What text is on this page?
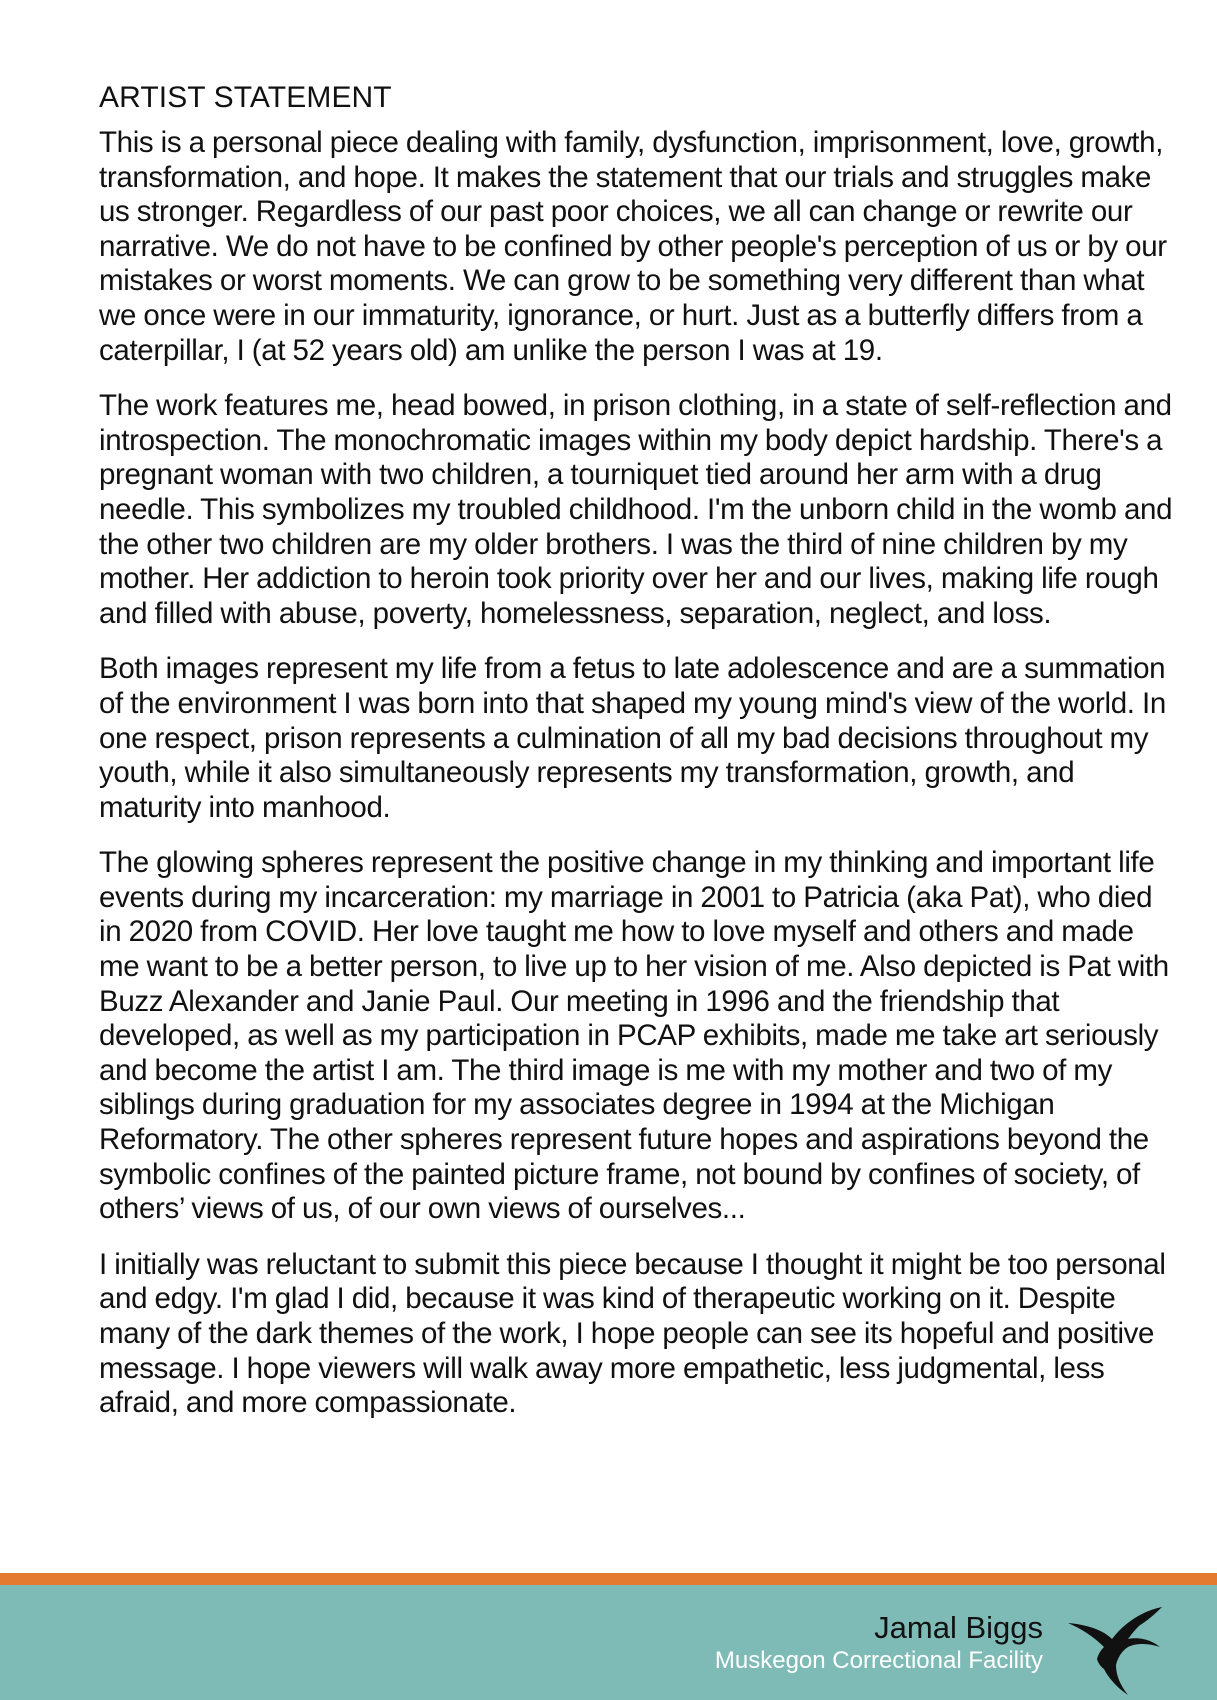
ARTIST STATEMENT

This is a personal piece dealing with family, dysfunction, imprisonment, love, growth, transformation, and hope. It makes the statement that our trials and struggles make us stronger. Regardless of our past poor choices, we all can change or rewrite our narrative. We do not have to be confined by other people's perception of us or by our mistakes or worst moments. We can grow to be something very different than what we once were in our immaturity, ignorance, or hurt. Just as a butterfly differs from a caterpillar, I (at 52 years old) am unlike the person I was at 19.

The work features me, head bowed, in prison clothing, in a state of self-reflection and introspection. The monochromatic images within my body depict hardship. There's a pregnant woman with two children, a tourniquet tied around her arm with a drug needle. This symbolizes my troubled childhood. I'm the unborn child in the womb and the other two children are my older brothers. I was the third of nine children by my mother. Her addiction to heroin took priority over her and our lives, making life rough and filled with abuse, poverty, homelessness, separation, neglect, and loss.

Both images represent my life from a fetus to late adolescence and are a summation of the environment I was born into that shaped my young mind's view of the world. In one respect, prison represents a culmination of all my bad decisions throughout my youth, while it also simultaneously represents my transformation, growth, and maturity into manhood.

The glowing spheres represent the positive change in my thinking and important life events during my incarceration: my marriage in 2001 to Patricia (aka Pat), who died in 2020 from COVID. Her love taught me how to love myself and others and made me want to be a better person, to live up to her vision of me. Also depicted is Pat with Buzz Alexander and Janie Paul. Our meeting in 1996 and the friendship that developed, as well as my participation in PCAP exhibits, made me take art seriously and become the artist I am. The third image is me with my mother and two of my siblings during graduation for my associates degree in 1994 at the Michigan Reformatory. The other spheres represent future hopes and aspirations beyond the symbolic confines of the painted picture frame, not bound by confines of society, of others’ views of us, of our own views of ourselves...

I initially was reluctant to submit this piece because I thought it might be too personal and edgy. I'm glad I did, because it was kind of therapeutic working on it. Despite many of the dark themes of the work, I hope people can see its hopeful and positive message. I hope viewers will walk away more empathetic, less judgmental, less afraid, and more compassionate.

Jamal Biggs
Muskegon Correctional Facility
